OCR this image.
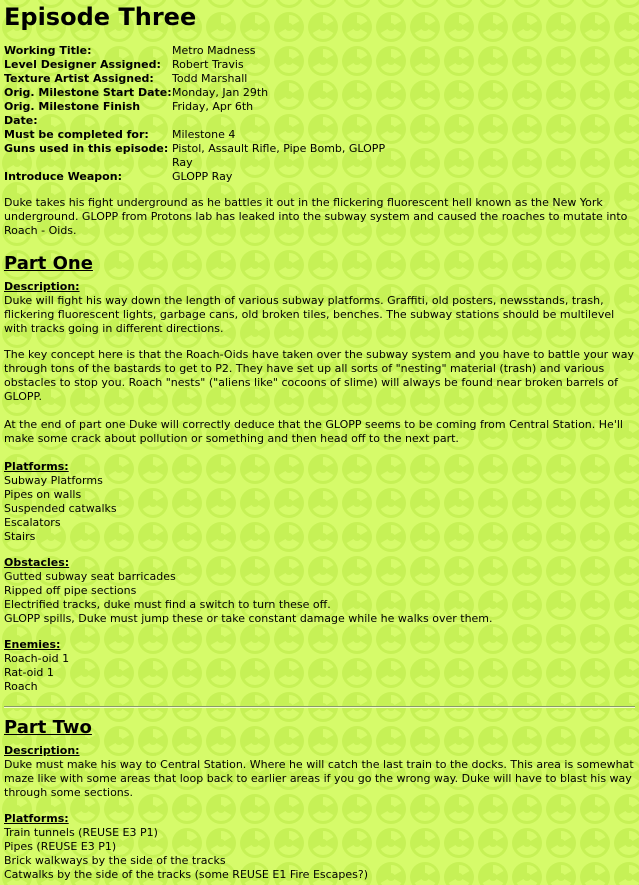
Episode Three
Working Title:	Metro Madness
Level Designer Assigned:	Robert Travis
Texture Artist Assigned:	Todd Marshall
Orig. Milestone Start Date:	Monday, Jan 29th
Orig. Milestone Finish Date:	Friday, Apr 6th
Must be completed for:	Milestone 4
Guns used in this episode:	Pistol, Assault Rifle, Pipe Bomb, GLOPP Ray
Introduce Weapon:	GLOPP Ray

Duke takes his fight underground as he battles it out in the flickering fluorescent hell known as the New York underground. GLOPP from Protons lab has leaked into the subway system and caused the roaches to mutate into Roach - Oids.

Part One
Description:
Duke will fight his way down the length of various subway platforms. Graffiti, old posters, newsstands, trash, flickering fluorescent lights, garbage cans, old broken tiles, benches. The subway stations should be multilevel with tracks going in different directions.

The key concept here is that the Roach-Oids have taken over the subway system and you have to battle your way through tons of the bastards to get to P2. They have set up all sorts of "nesting" material (trash) and various obstacles to stop you. Roach "nests" ("aliens like" cocoons of slime) will always be found near broken barrels of GLOPP.

At the end of part one Duke will correctly deduce that the GLOPP seems to be coming from Central Station. He'll make some crack about pollution or something and then head off to the next part.

Platforms:
Subway Platforms
Pipes on walls
Suspended catwalks
Escalators
Stairs
Obstacles:
Gutted subway seat barricades
Ripped off pipe sections
Electrified tracks, duke must find a switch to turn these off.
GLOPP spills, Duke must jump these or take constant damage while he walks over them.
Enemies:
Roach-oid 1
Rat-oid 1
Roach
Part Two
Description:
Duke must make his way to Central Station. Where he will catch the last train to the docks. This area is somewhat maze like with some areas that loop back to earlier areas if you go the wrong way. Duke will have to blast his way through some sections.
Platforms:
Train tunnels (REUSE E3 P1)
Pipes (REUSE E3 P1)
Brick walkways by the side of the tracks
Catwalks by the side of the tracks (some REUSE E1 Fire Escapes?)
